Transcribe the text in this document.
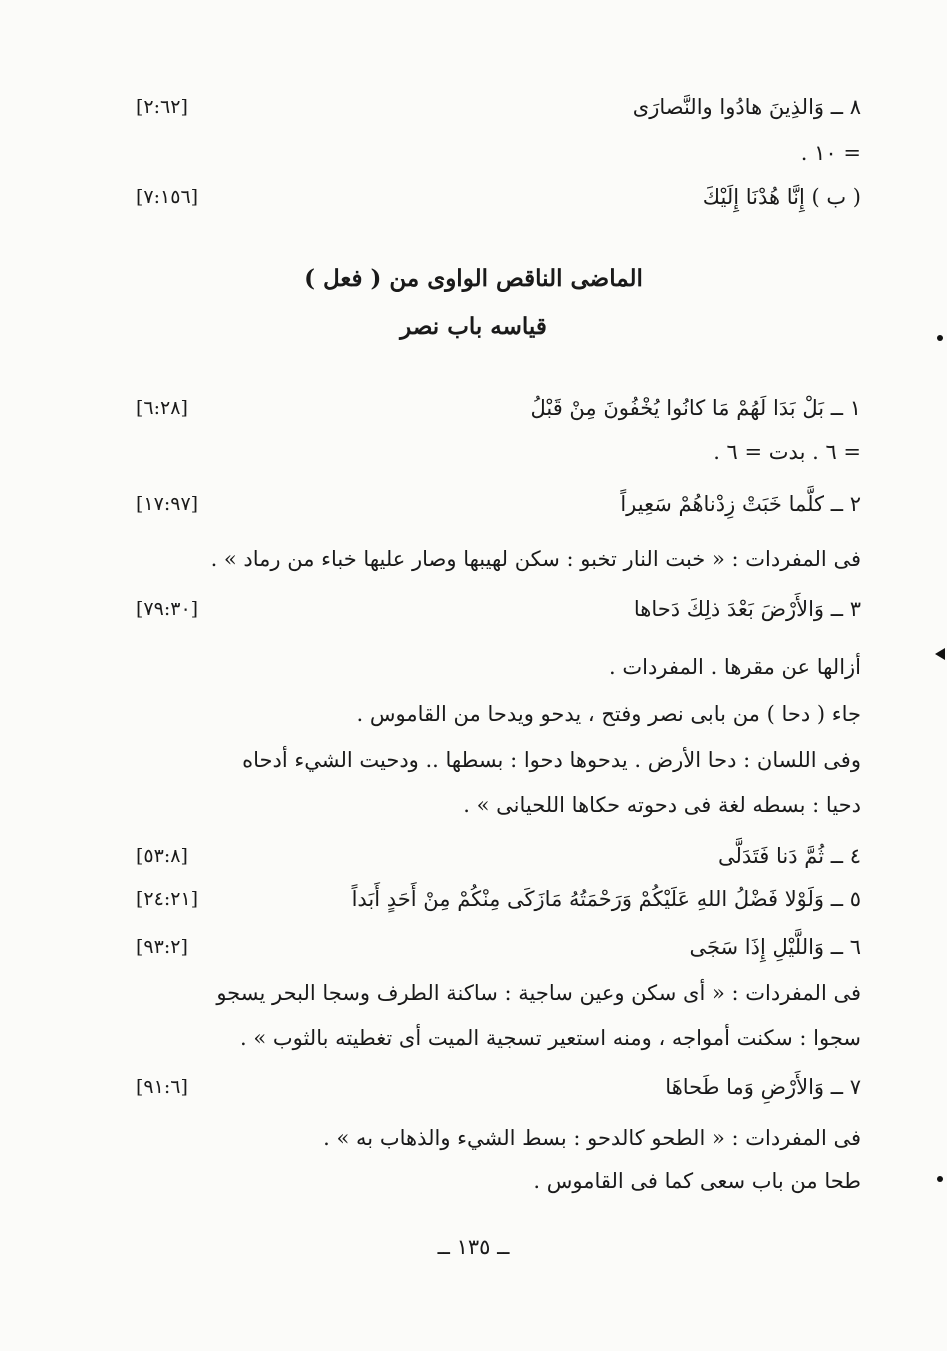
٨ ــ وَالذِينَ هادُوا والنَّصارَى
[٢:٦٢]
= ١٠ .
( ب ) إِنَّا هُدْنَا إِلَيْكَ
[٧:١٥٦]
الماضى الناقص الواوى من ( فعل )
قياسه باب نصر
١ ــ بَلْ بَدَا لَهُمْ مَا كانُوا يُخْفُونَ مِنْ قَبْلُ
[٦:٢٨]
= ٦ . بدت = ٦ .
٢ ــ كلَّما خَبَتْ زِدْناهُمْ سَعِيراً
[١٧:٩٧]
فى المفردات : « خبت النار تخبو : سكن لهيبها وصار عليها خباء من رماد » .
٣ ــ وَالأَرْضَ بَعْدَ ذلِكَ دَحاها
[٧٩:٣٠]
أزالها عن مقرها . المفردات .
جاء ( دحا ) من بابى نصر وفتح ، يدحو ويدحا من القاموس .
وفى اللسان : دحا الأرض . يدحوها دحوا : بسطها .. ودحيت الشيء أدحاه
دحيا : بسطه لغة فى دحوته حكاها اللحيانى » .
٤ ــ ثُمَّ دَنا فَتَدَلَّى
[٥٣:٨]
٥ ــ وَلَوْلا فَضْلُ اللهِ عَلَيْكُمْ وَرَحْمَتُهُ مَازَكَى مِنْكُمْ مِنْ أَحَدٍ أَبَداً
[٢٤:٢١]
٦ ــ وَاللَّيْلِ إِذَا سَجَى
[٩٣:٢]
فى المفردات : « أى سكن وعين ساجية : ساكنة الطرف وسجا البحر يسجو
سجوا : سكنت أمواجه ، ومنه استعير تسجية الميت أى تغطيته بالثوب » .
٧ ــ وَالأَرْضِ وَما طَحاهَا
[٩١:٦]
فى المفردات : « الطحو كالدحو : بسط الشيء والذهاب به » .
طحا من باب سعى كما فى القاموس .
ــ ١٣٥ ــ
